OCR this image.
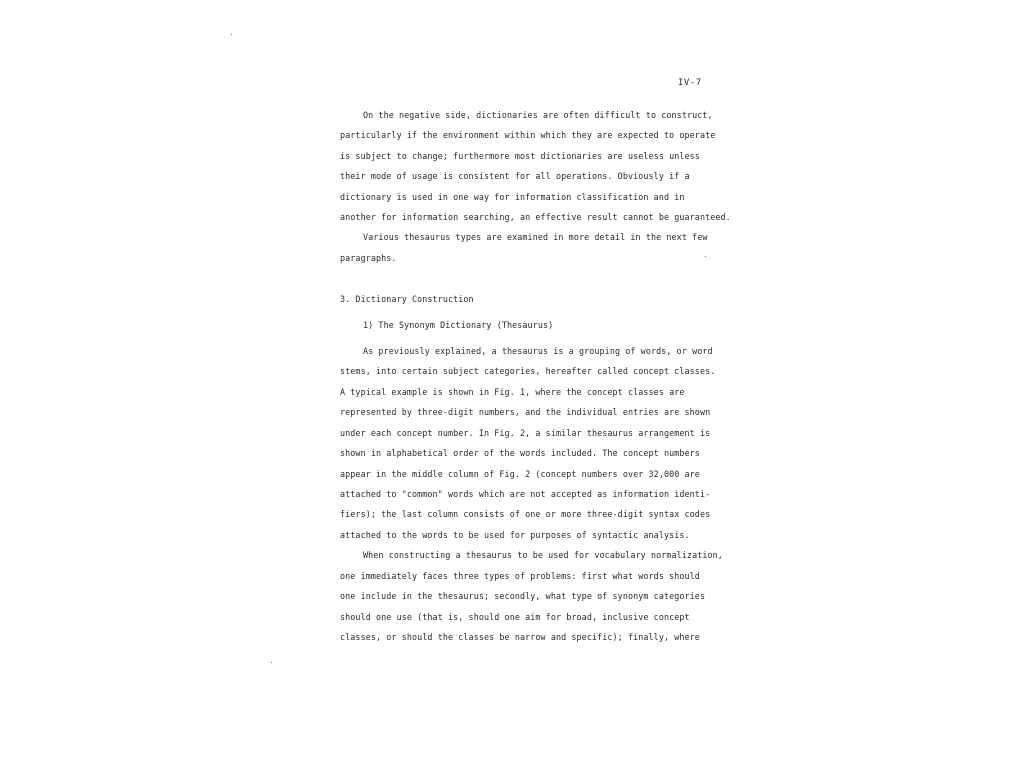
IV-7
On the negative side, dictionaries are often difficult to construct,
particularly if the environment within which they are expected to operate
is subject to change; furthermore most dictionaries are useless unless
their mode of usage is consistent for all operations. Obviously if a
dictionary is used in one way for information classification and in
another for information searching, an effective result cannot be guaranteed.
Various thesaurus types are examined in more detail in the next few
paragraphs.
3. Dictionary Construction
1) The Synonym Dictionary (Thesaurus)
As previously explained, a thesaurus is a grouping of words, or word
stems, into certain subject categories, hereafter called concept classes.
A typical example is shown in Fig. 1, where the concept classes are
represented by three-digit numbers, and the individual entries are shown
under each concept number. In Fig. 2, a similar thesaurus arrangement is
shown in alphabetical order of the words included. The concept numbers
appear in the middle column of Fig. 2 (concept numbers over 32,000 are
attached to "common" words which are not accepted as information identi-
fiers); the last column consists of one or more three-digit syntax codes
attached to the words to be used for purposes of syntactic analysis.
When constructing a thesaurus to be used for vocabulary normalization,
one immediately faces three types of problems: first what words should
one include in the thesaurus; secondly, what type of synonym categories
should one use (that is, should one aim for broad, inclusive concept
classes, or should the classes be narrow and specific); finally, where
